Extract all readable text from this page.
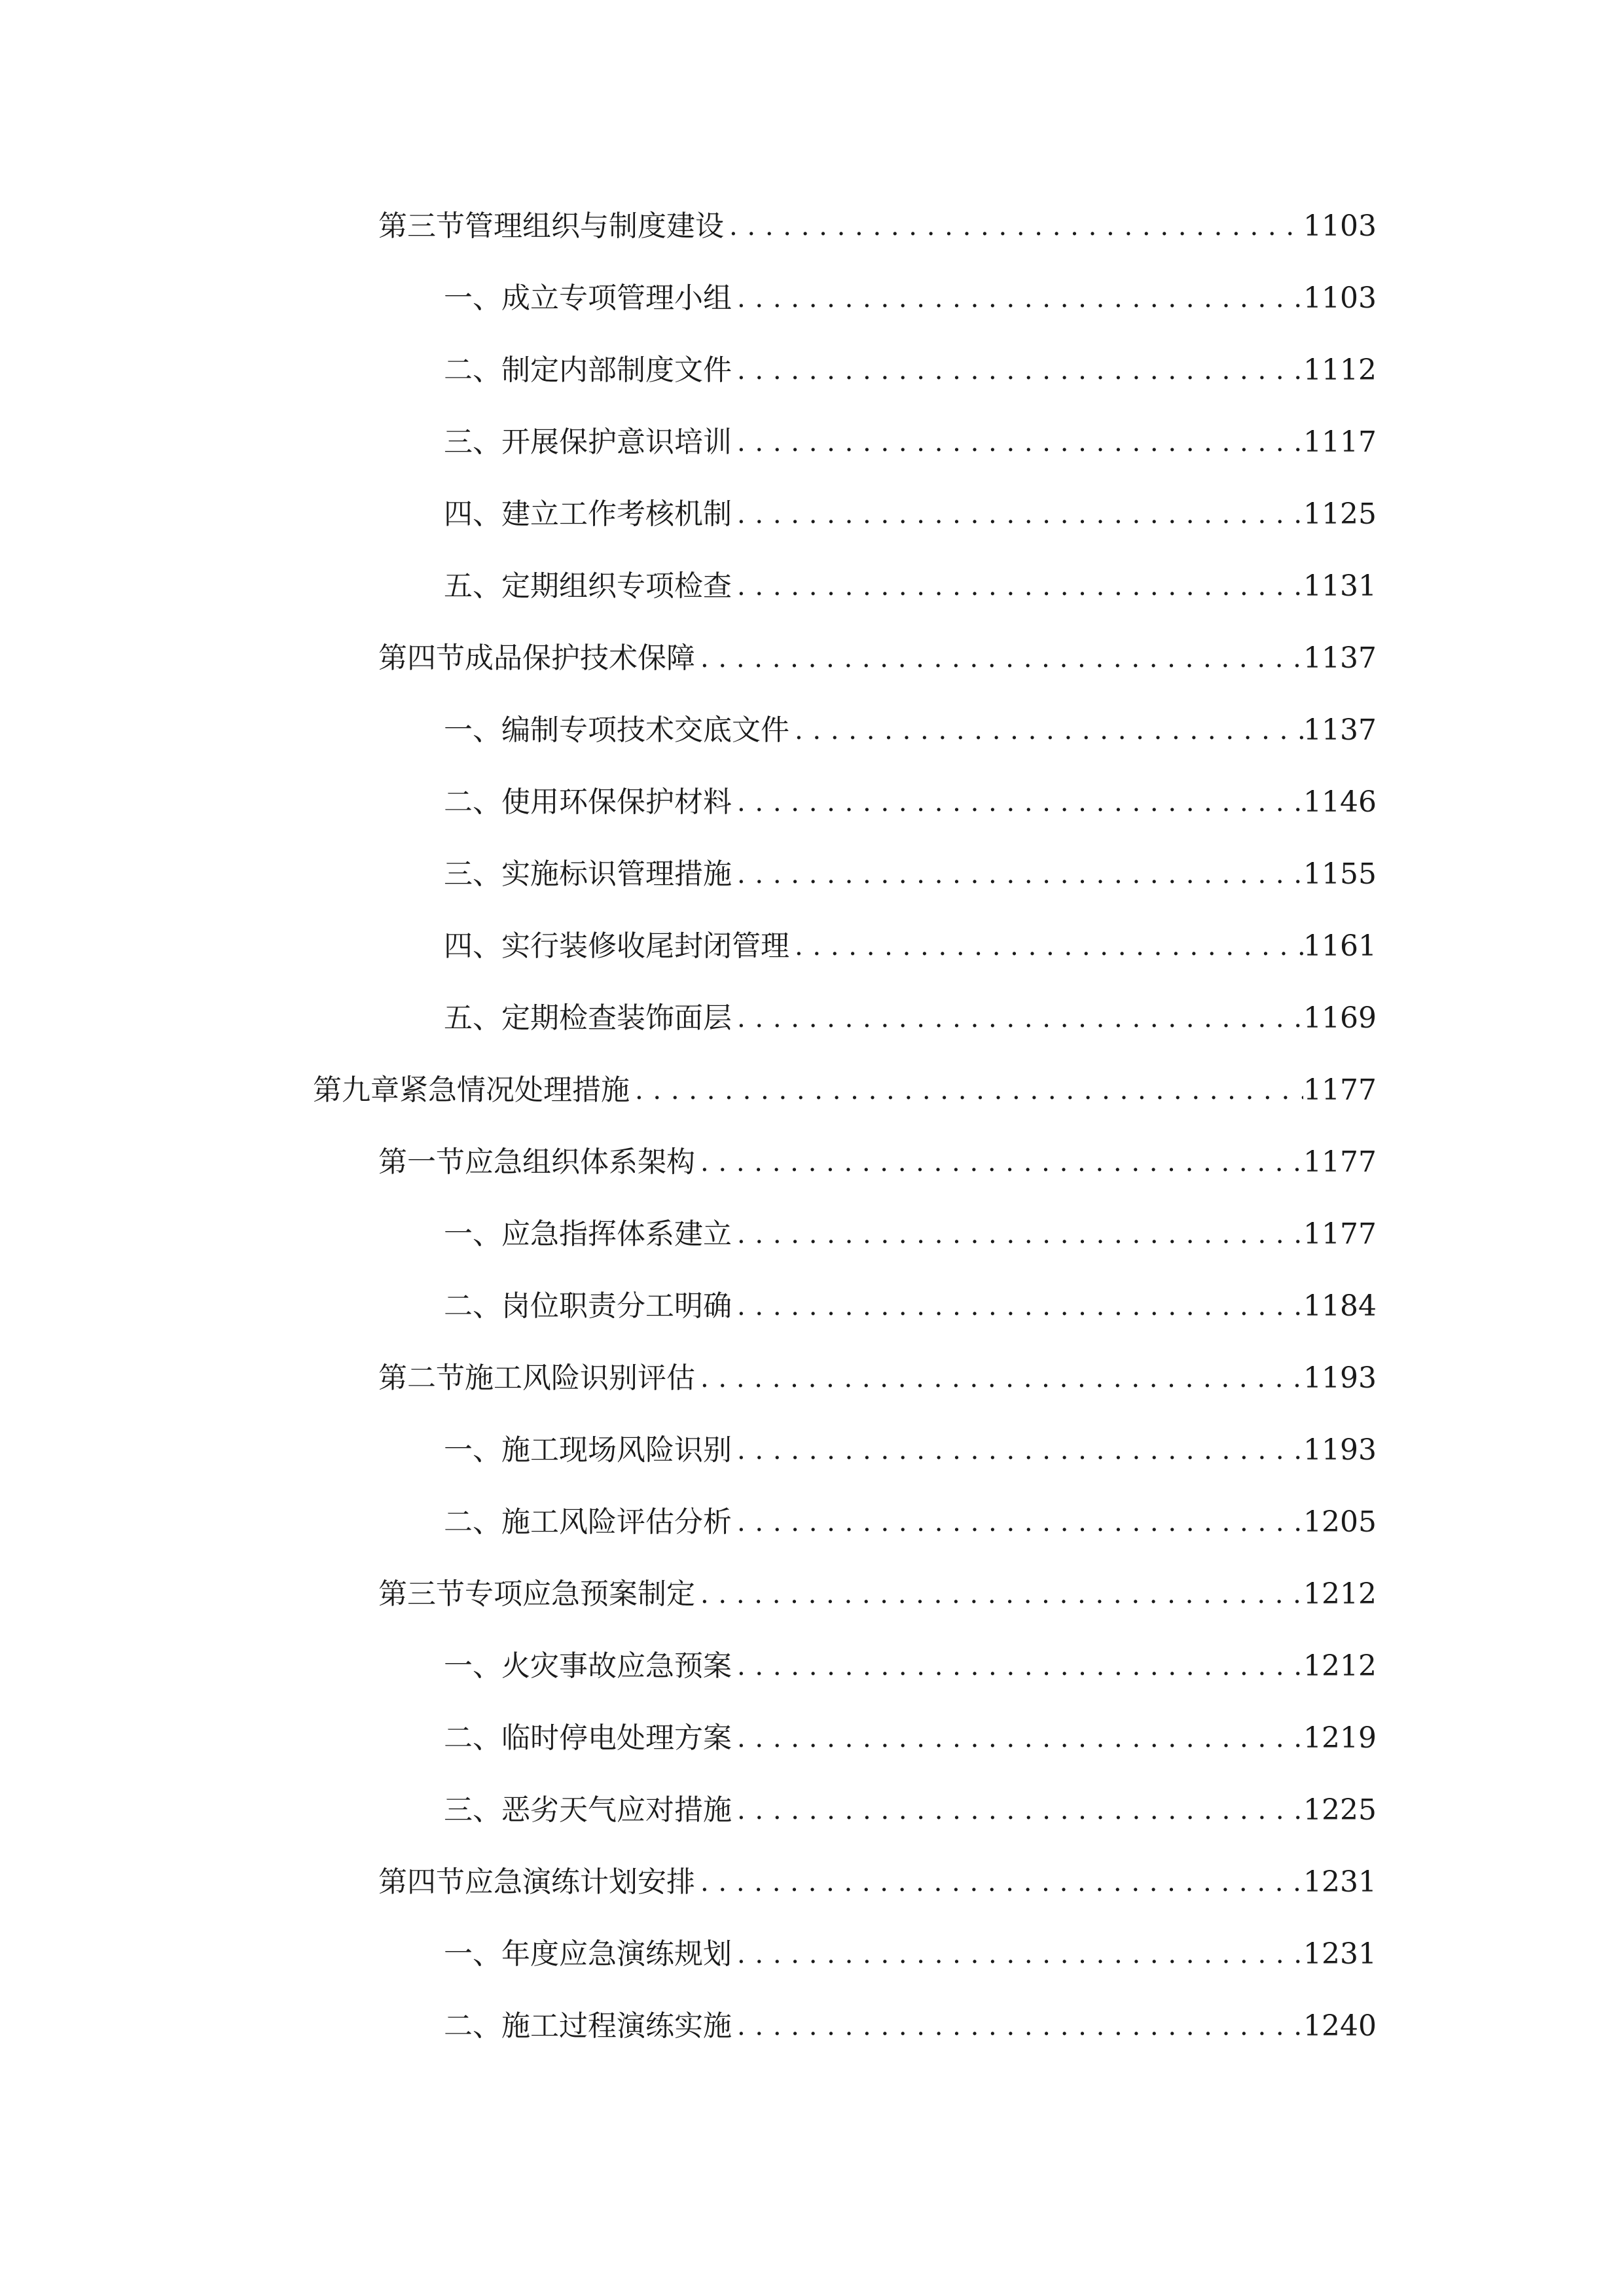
第三节 管理组织与制度建设 . . .	1103
一、 成立专项管理小组 . . .	1103
二、 制定内部制度文件 . . .	1112
三、 开展保护意识培训 . . .	1117
四、 建立工作考核机制 . . .	1125
五、 定期组织专项检查 . . .	1131
第四节 成品保护技术保障 . . .	1137
一、 编制专项技术交底文件 . . .	1137
二、 使用环保保护材料 . . .	1146
三、 实施标识管理措施 . . .	1155
四、 实行装修收尾封闭管理 . . .	1161
五、 定期检查装饰面层 . . .	1169
第九章 紧急情况处理措施 . . .	1177
第一节 应急组织体系架构 . . .	1177
一、 应急指挥体系建立 . . .	1177
二、 岗位职责分工明确 . . .	1184
第二节 施工风险识别评估 . . .	1193
一、 施工现场风险识别 . . .	1193
二、 施工风险评估分析 . . .	1205
第三节 专项应急预案制定 . . .	1212
一、 火灾事故应急预案 . . .	1212
二、 临时停电处理方案 . . .	1219
三、 恶劣天气应对措施 . . .	1225
第四节 应急演练计划安排 . . .	1231
一、 年度应急演练规划 . . .	1231
二、 施工过程演练实施 . . .	1240
